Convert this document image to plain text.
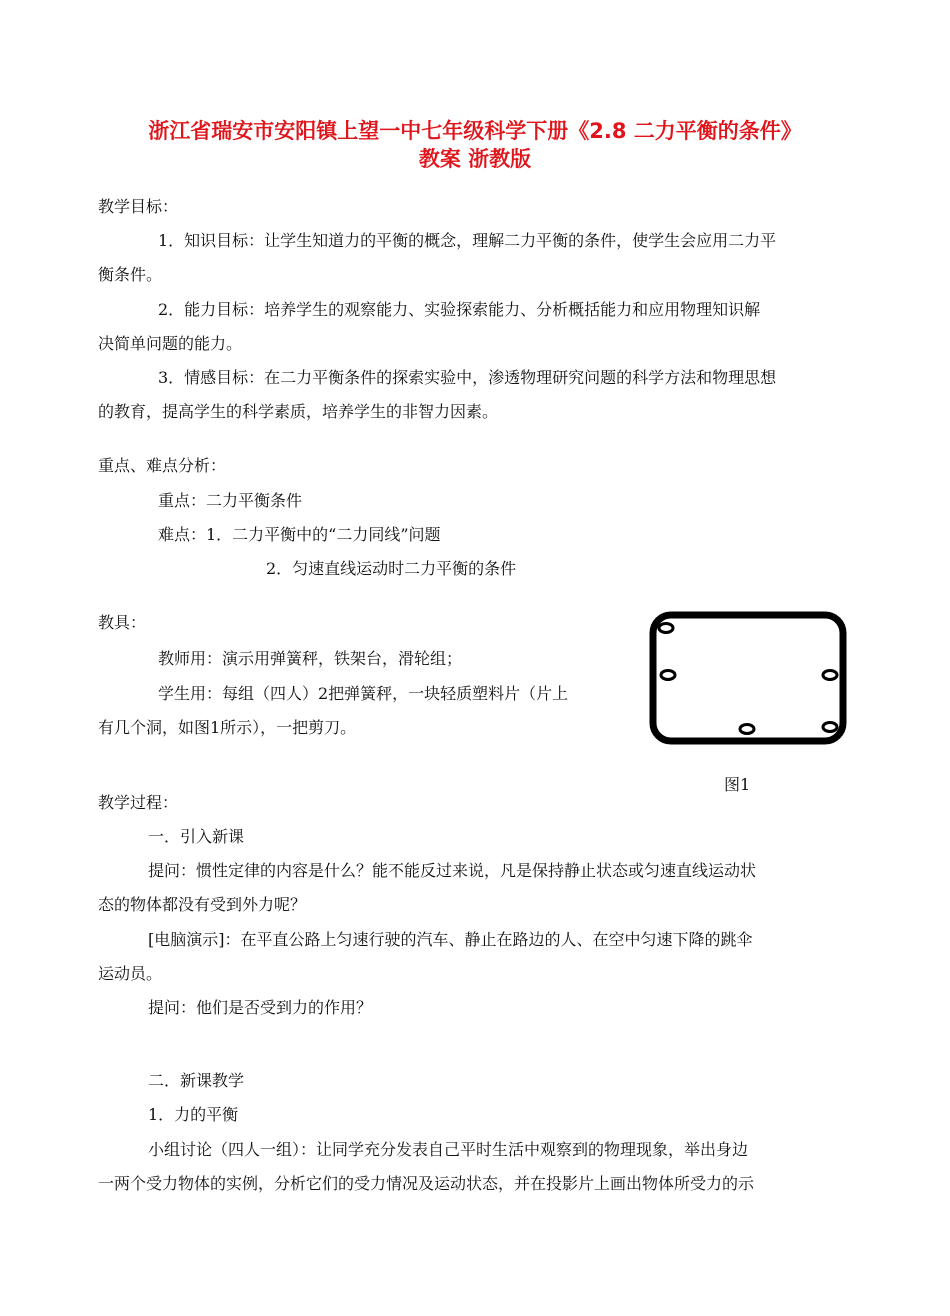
浙江省瑞安市安阳镇上望一中七年级科学下册《2.8 二力平衡的条件》
教案 浙教版
教学目标：
1．知识目标：让学生知道力的平衡的概念，理解二力平衡的条件，使学生会应用二力平
衡条件。
2．能力目标：培养学生的观察能力、实验探索能力、分析概括能力和应用物理知识解
决简单问题的能力。
3．情感目标：在二力平衡条件的探索实验中，渗透物理研究问题的科学方法和物理思想
的教育，提高学生的科学素质，培养学生的非智力因素。
重点、难点分析：
重点：二力平衡条件
难点：1．二力平衡中的“二力同线”问题
2．匀速直线运动时二力平衡的条件
教具：
教师用：演示用弹簧秤，铁架台，滑轮组；
学生用：每组（四人）2把弹簧秤，一块轻质塑料片（片上
有几个洞，如图1所示），一把剪刀。
图1
教学过程：
一．引入新课
提问：惯性定律的内容是什么？能不能反过来说，凡是保持静止状态或匀速直线运动状
态的物体都没有受到外力呢？
[电脑演示]：在平直公路上匀速行驶的汽车、静止在路边的人、在空中匀速下降的跳伞
运动员。
提问：他们是否受到力的作用？
二．新课教学
1．力的平衡
小组讨论（四人一组）：让同学充分发表自己平时生活中观察到的物理现象，举出身边
一两个受力物体的实例，分析它们的受力情况及运动状态，并在投影片上画出物体所受力的示
